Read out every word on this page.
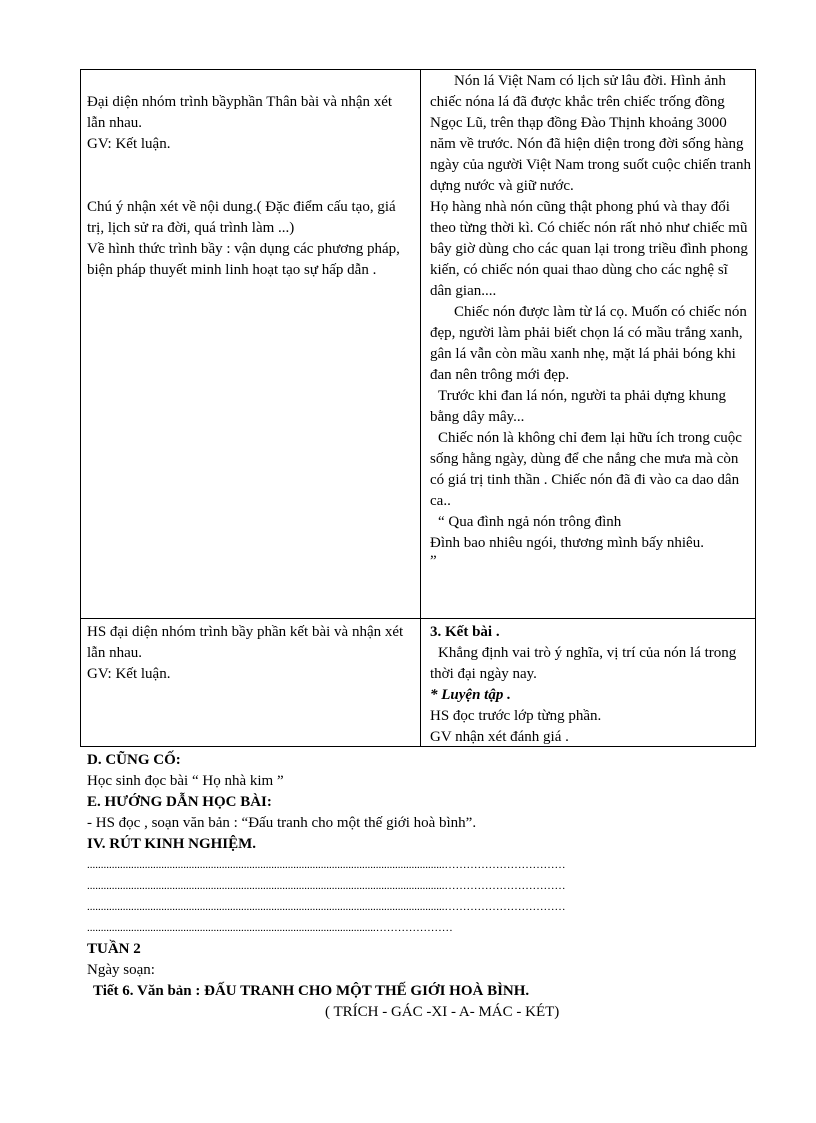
Đại diện nhóm trình bầyphần Thân bài và nhận xét lẫn nhau.

GV: Kết luận.

Chú ý nhận xét về nội dung.( Đặc điểm cấu tạo, giá trị, lịch sử ra đời, quá trình làm ...)

Về hình thức trình bầy : vận dụng các phương pháp, biện pháp thuyết minh linh hoạt tạo sự hấp dẫn .

Nón lá Việt Nam có lịch sử lâu đời. Hình ảnh chiếc nóna lá đã được khắc trên chiếc trống đồng Ngọc Lũ, trên thạp đồng Đào Thịnh khoảng 3000 năm về trước. Nón đã hiện diện trong đời sống hàng ngày của người Việt Nam trong suốt cuộc chiến tranh dựng nước và giữ nước.

Họ hàng nhà nón cũng thật phong phú và thay đổi theo từng thời kì. Có chiếc nón rất nhỏ như chiếc mũ bây giờ dùng cho các quan lại trong triều đình phong kiến, có chiếc nón quai thao dùng cho các nghệ sĩ dân gian....

Chiếc nón được làm từ lá cọ. Muốn có chiếc nón đẹp, người làm phải biết chọn lá có mầu trắng xanh, gân lá vẫn còn mầu xanh nhẹ, mặt lá phải bóng khi đan nên trông mới đẹp.

Trước khi đan lá nón, người ta phải dựng khung bằng dây mây...

Chiếc nón là không chỉ đem lại hữu ích trong cuộc sống hằng ngày, dùng để che nắng che mưa mà còn có giá trị tinh thần . Chiếc nón đã đi vào ca dao dân ca..

“ Qua đình ngả nón trông đình

Đình bao nhiêu ngói, thương mình bấy nhiêu.

”

HS đại diện nhóm trình bầy phần kết bài và nhận xét lẫn nhau.

GV: Kết luận.

3. Kết bài .

Khẳng định vai trò ý nghĩa, vị trí của nón lá trong thời đại ngày nay.

* Luyện tập .

HS đọc trước lớp từng phần.

GV nhận xét đánh giá .

D. CŨNG CỐ:

Học sinh đọc bài “ Họ nhà kim ”

E. HƯỚNG DẪN HỌC BÀI:

- HS đọc , soạn văn bản : “Đấu tranh cho một thế giới hoà bình”.

IV. RÚT KINH NGHIỆM.

..................................................................................................................................……………………………

..................................................................................................................................……………………………

..................................................................................................................................……………………………

.........................................................................................................…………………

TUẦN 2

Ngày soạn:

Tiết 6. Văn bản : ĐẤU TRANH CHO MỘT THẾ GIỚI HOÀ BÌNH.

( TRÍCH - GÁC -XI - A- MÁC - KÉT)
